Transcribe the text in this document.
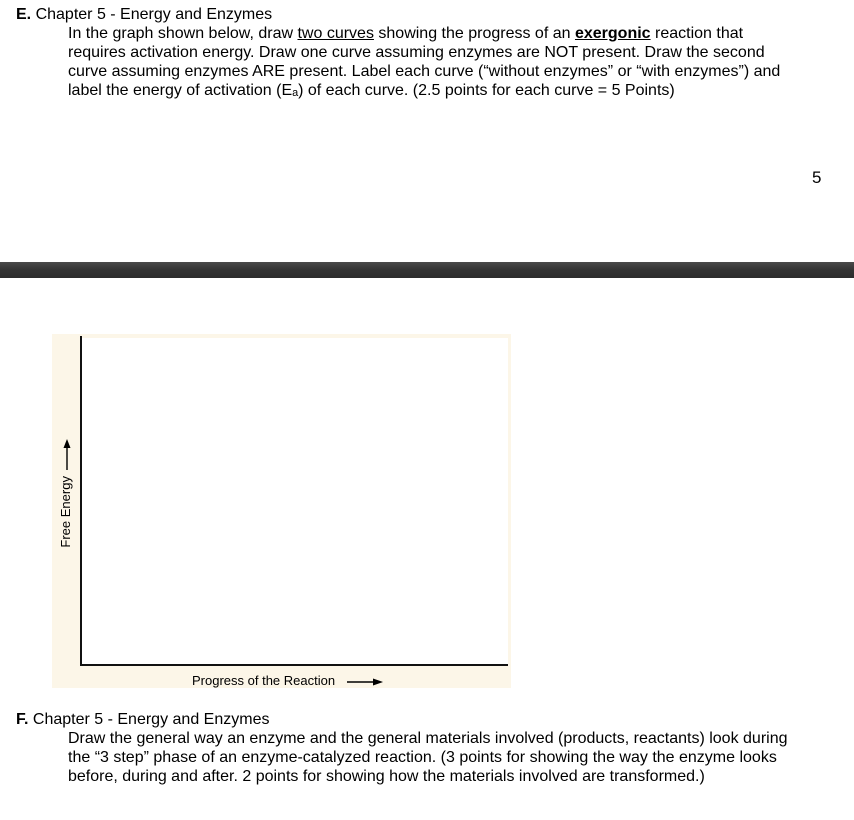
E. Chapter 5 - Energy and Enzymes
In the graph shown below, draw two curves showing the progress of an exergonic reaction that
requires activation energy. Draw one curve assuming enzymes are NOT present. Draw the second
curve assuming enzymes ARE present. Label each curve (“without enzymes” or “with enzymes”) and
label the energy of activation (Eₐ) of each curve. (2.5 points for each curve = 5 Points)
5
Free Energy
Progress of the Reaction
F. Chapter 5 - Energy and Enzymes
Draw the general way an enzyme and the general materials involved (products, reactants) look during
the “3 step” phase of an enzyme-catalyzed reaction. (3 points for showing the way the enzyme looks
before, during and after. 2 points for showing how the materials involved are transformed.)
